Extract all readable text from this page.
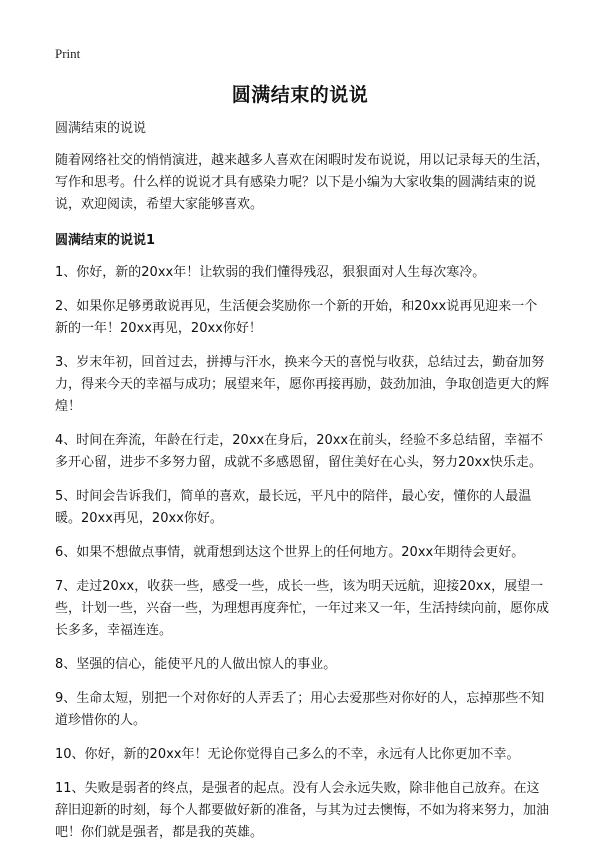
Print
圆满结束的说说

圆满结束的说说

随着网络社交的悄悄演进，越来越多人喜欢在闲暇时发布说说，用以记录每天的生活，写作和思考。什么样的说说才具有感染力呢？以下是小编为大家收集的圆满结束的说说，欢迎阅读，希望大家能够喜欢。

圆满结束的说说1

1、你好，新的20xx年！让软弱的我们懂得残忍，狠狠面对人生每次寒冷。

2、如果你足够勇敢说再见，生活便会奖励你一个新的开始，和20xx说再见迎来一个新的一年！20xx再见，20xx你好！

3、岁末年初，回首过去，拼搏与汗水，换来今天的喜悦与收获，总结过去，勤奋加努力，得来今天的幸福与成功；展望来年，愿你再接再励，鼓劲加油，争取创造更大的辉煌！

4、时间在奔流，年龄在行走，20xx在身后，20xx在前头，经验不多总结留，幸福不多开心留，进步不多努力留，成就不多感恩留，留住美好在心头，努力20xx快乐走。

5、时间会告诉我们，简单的喜欢，最长远，平凡中的陪伴，最心安，懂你的人最温暖。20xx再见，20xx你好。

6、如果不想做点事情，就甭想到达这个世界上的任何地方。20xx年期待会更好。

7、走过20xx，收获一些，感受一些，成长一些，该为明天远航，迎接20xx，展望一些，计划一些，兴奋一些，为理想再度奔忙，一年过来又一年，生活持续向前，愿你成长多多，幸福连连。

8、坚强的信心，能使平凡的人做出惊人的事业。

9、生命太短，别把一个对你好的人弄丢了；用心去爱那些对你好的人，忘掉那些不知道珍惜你的人。

10、你好，新的20xx年！无论你觉得自己多么的不幸，永远有人比你更加不幸。

11、失败是弱者的终点，是强者的起点。没有人会永远失败，除非他自己放弃。在这辞旧迎新的时刻，每个人都要做好新的准备，与其为过去懊悔，不如为将来努力，加油吧！你们就是强者，都是我的英雄。
